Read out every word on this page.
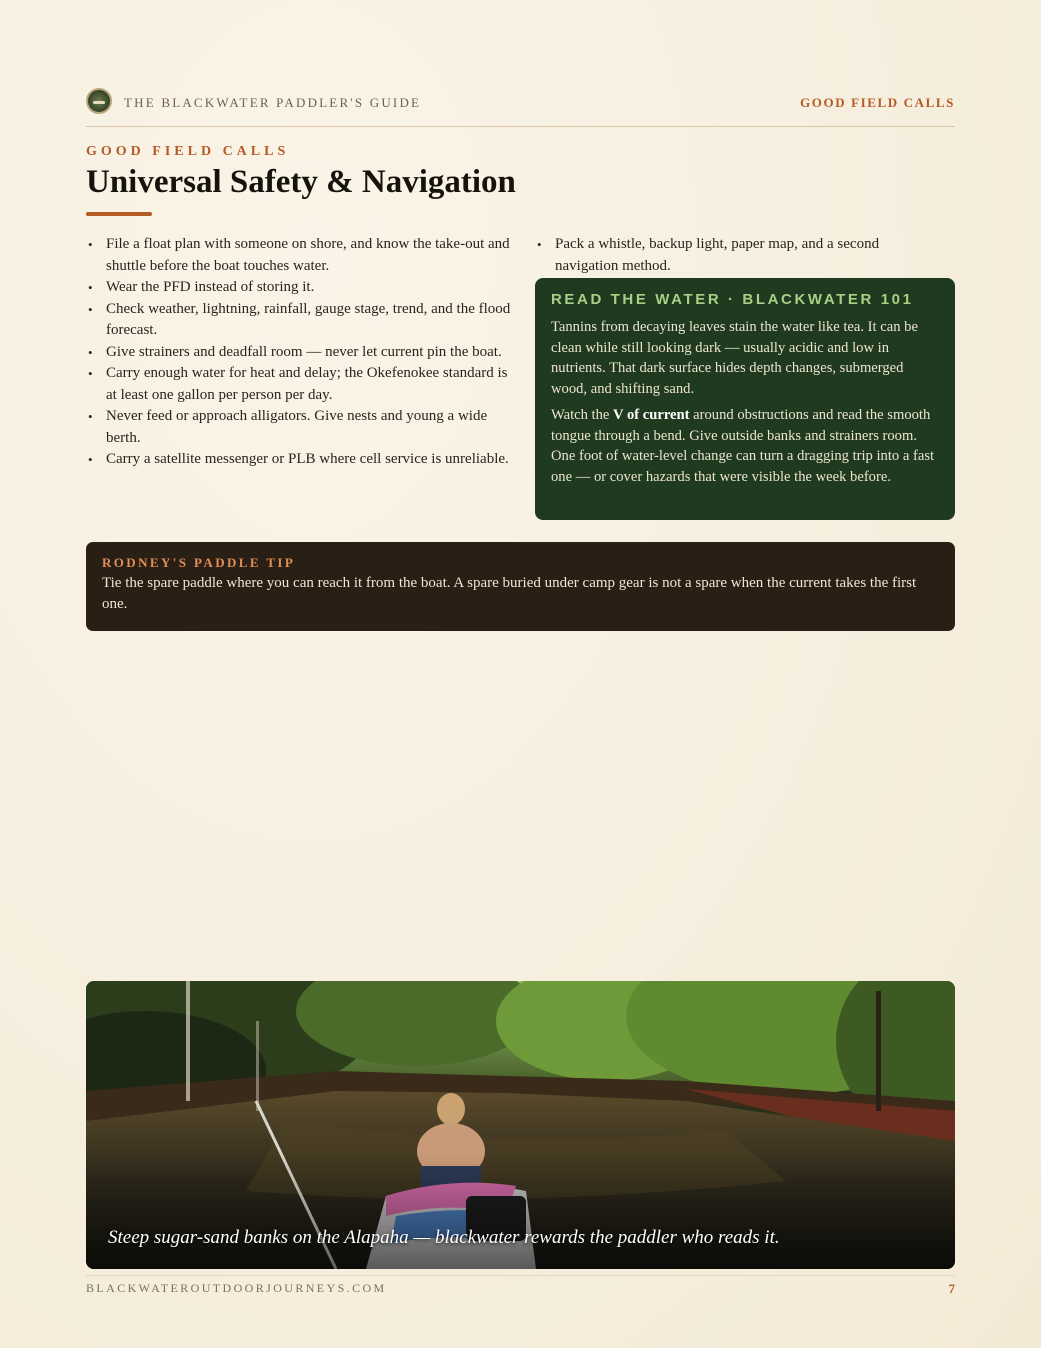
THE BLACKWATER PADDLER'S GUIDE	GOOD FIELD CALLS
GOOD FIELD CALLS
Universal Safety & Navigation
• File a float plan with someone on shore, and know the take-out and shuttle before the boat touches water.
• Wear the PFD instead of storing it.
• Check weather, lightning, rainfall, gauge stage, trend, and the flood forecast.
• Give strainers and deadfall room — never let current pin the boat.
• Carry enough water for heat and delay; the Okefenokee standard is at least one gallon per person per day.
• Never feed or approach alligators. Give nests and young a wide berth.
• Carry a satellite messenger or PLB where cell service is unreliable.
• Pack a whistle, backup light, paper map, and a second navigation method.
READ THE WATER · BLACKWATER 101

Tannins from decaying leaves stain the water like tea. It can be clean while still looking dark — usually acidic and low in nutrients. That dark surface hides depth changes, submerged wood, and shifting sand.

Watch the V of current around obstructions and read the smooth tongue through a bend. Give outside banks and strainers room. One foot of water-level change can turn a dragging trip into a fast one — or cover hazards that were visible the week before.

RODNEY'S PADDLE TIP
Tie the spare paddle where you can reach it from the boat. A spare buried under camp gear is not a spare when the current takes the first one.
Steep sugar-sand banks on the Alapaha — blackwater rewards the paddler who reads it.
BLACKWATEROUTDOORJOURNEYS.COM	7
